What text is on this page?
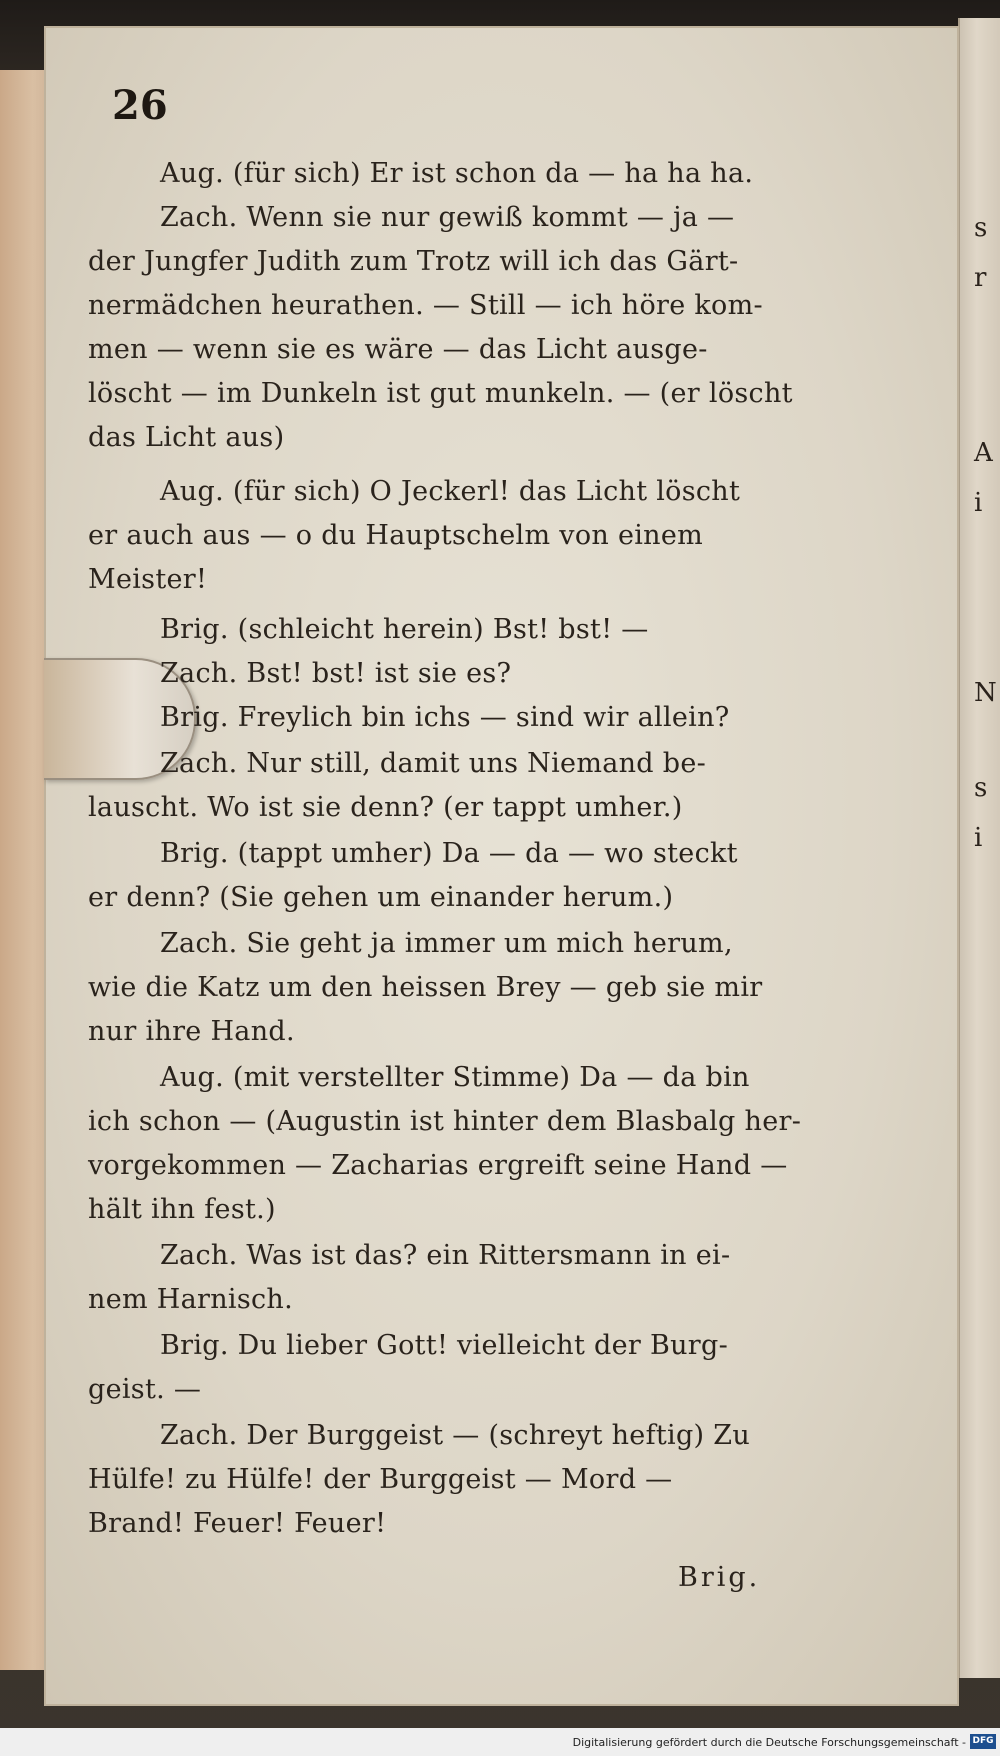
s
r
A
i
N
s
i
26
Aug. (für sich) Er ist schon da — ha ha ha.
Zach. Wenn sie nur gewiß kommt — ja —
der Jungfer Judith zum Trotz will ich das Gärt-
nermädchen heurathen. — Still — ich höre kom-
men — wenn sie es wäre — das Licht ausge-
löscht — im Dunkeln ist gut munkeln. — (er löscht
das Licht aus)
Aug. (für sich) O Jeckerl! das Licht löscht
er auch aus — o du Hauptschelm von einem
Meister!
Brig. (schleicht herein) Bst! bst! —
Zach. Bst! bst! ist sie es?
Brig. Freylich bin ichs — sind wir allein?
Zach. Nur still, damit uns Niemand be-
lauscht. Wo ist sie denn? (er tappt umher.)
Brig. (tappt umher) Da — da — wo steckt
er denn? (Sie gehen um einander herum.)
Zach. Sie geht ja immer um mich herum,
wie die Katz um den heissen Brey — geb sie mir
nur ihre Hand.
Aug. (mit verstellter Stimme) Da — da bin
ich schon — (Augustin ist hinter dem Blasbalg her-
vorgekommen — Zacharias ergreift seine Hand —
hält ihn fest.)
Zach. Was ist das? ein Rittersmann in ei-
nem Harnisch.
Brig. Du lieber Gott! vielleicht der Burg-
geist. —
Zach. Der Burggeist — (schreyt heftig) Zu
Hülfe! zu Hülfe! der Burggeist — Mord —
Brand! Feuer! Feuer!
Brig.
Digitalisierung gefördert durch die Deutsche Forschungsgemeinschaft - DFG
